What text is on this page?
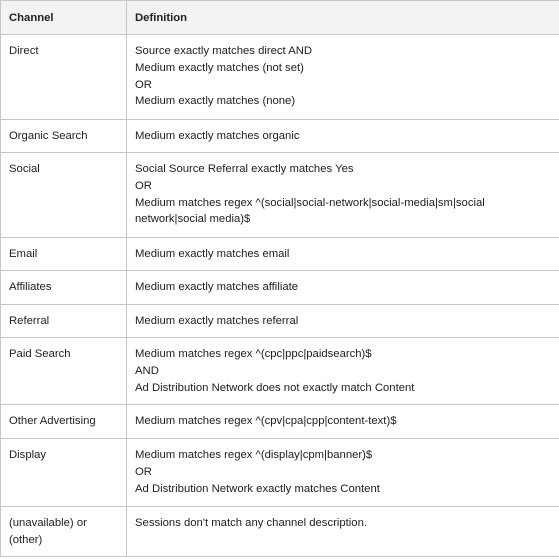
Channel	Definition
Direct	Source exactly matches direct AND
Medium exactly matches (not set)
OR
Medium exactly matches (none)

Organic Search	Medium exactly matches organic

Social	Social Source Referral exactly matches Yes
OR
Medium matches regex ^(social|social-network|social-media|sm|social network|social media)$

Email	Medium exactly matches email

Affiliates	Medium exactly matches affiliate

Referral	Medium exactly matches referral

Paid Search	Medium matches regex ^(cpc|ppc|paidsearch)$
AND
Ad Distribution Network does not exactly match Content

Other Advertising	Medium matches regex ^(cpv|cpa|cpp|content-text)$

Display	Medium matches regex ^(display|cpm|banner)$
OR
Ad Distribution Network exactly matches Content

(unavailable) or (other)	Sessions don't match any channel description.
